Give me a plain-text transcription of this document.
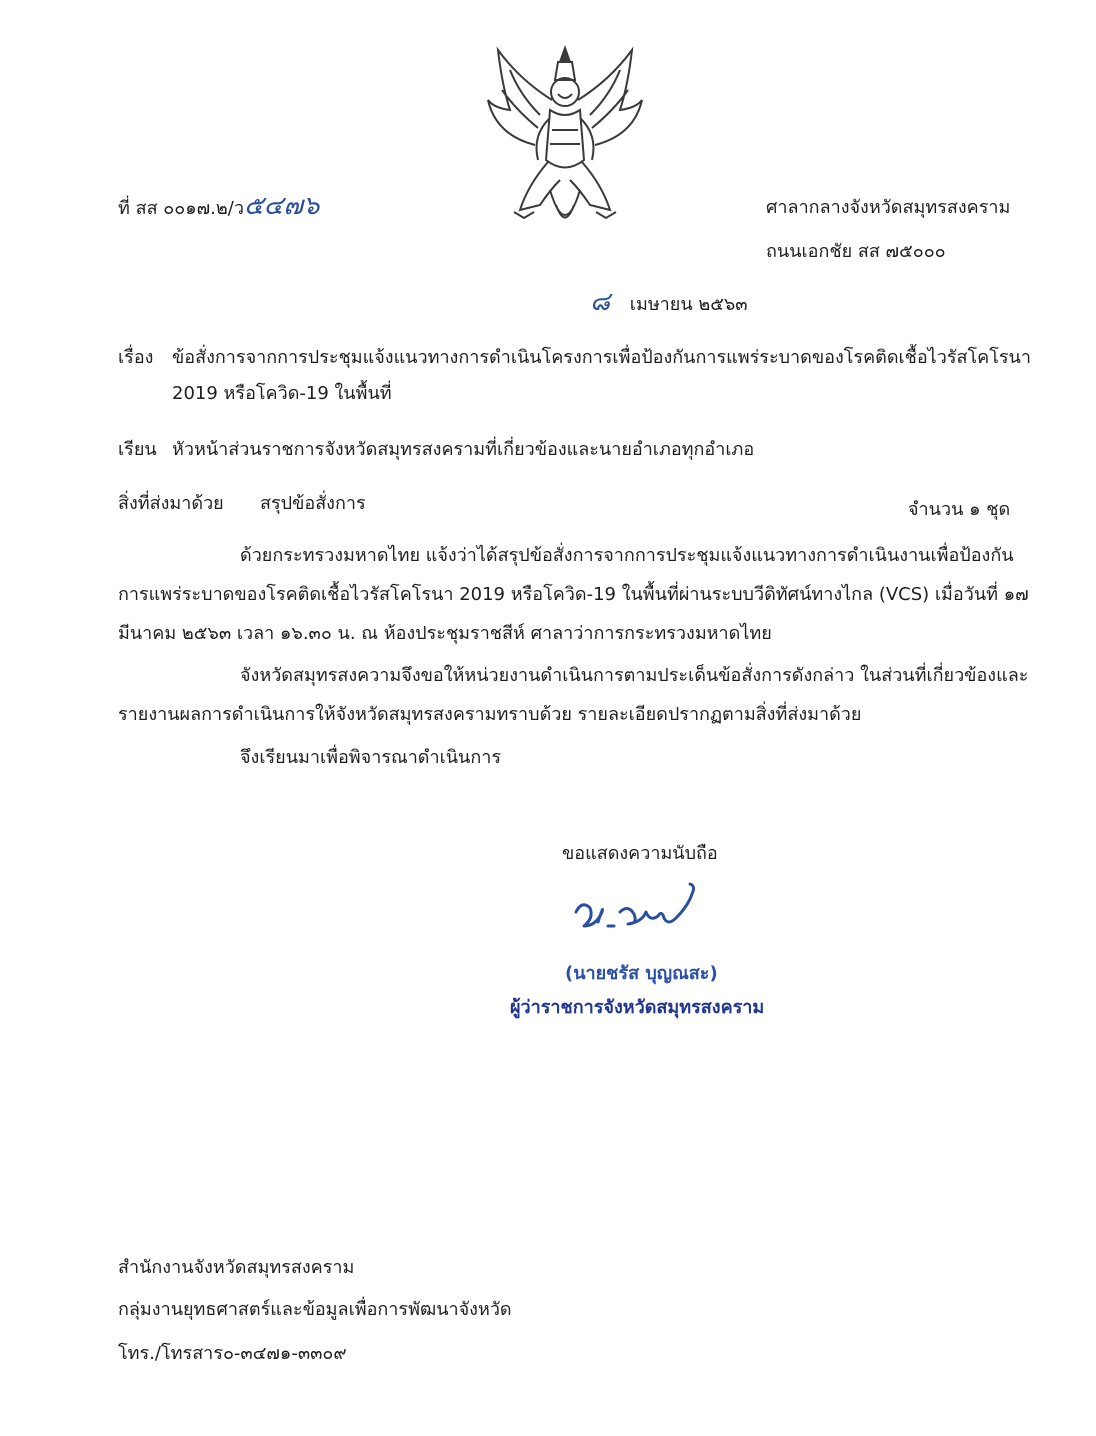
ที่ สส ๐๐๑๗.๒/ว๕๔๗๖	ศาลากลางจังหวัดสมุทรสงคราม
ถนนเอกชัย สส ๗๕๐๐๐
๘ เมษายน ๒๕๖๓
เรื่อง ข้อสั่งการจากการประชุมแจ้งแนวทางการดำเนินโครงการเพื่อป้องกันการแพร่ระบาดของโรคติดเชื้อไวรัสโคโรนา 2019 หรือโควิด-19 ในพื้นที่
เรียน หัวหน้าส่วนราชการจังหวัดสมุทรสงครามที่เกี่ยวข้องและนายอำเภอทุกอำเภอ
สิ่งที่ส่งมาด้วย สรุปข้อสั่งการ	จำนวน ๑ ชุด
ด้วยกระทรวงมหาดไทย แจ้งว่าได้สรุปข้อสั่งการจากการประชุมแจ้งแนวทางการดำเนินงานเพื่อป้องกันการแพร่ระบาดของโรคติดเชื้อไวรัสโคโรนา 2019 หรือโควิด-19 ในพื้นที่ผ่านระบบวีดิทัศน์ทางไกล (VCS) เมื่อวันที่ ๑๗ มีนาคม ๒๕๖๓ เวลา ๑๖.๓๐ น. ณ ห้องประชุมราชสีห์ ศาลาว่าการกระทรวงมหาดไทย
จังหวัดสมุทรสงความจึงขอให้หน่วยงานดำเนินการตามประเด็นข้อสั่งการดังกล่าว ในส่วนที่เกี่ยวข้องและรายงานผลการดำเนินการให้จังหวัดสมุทรสงครามทราบด้วย รายละเอียดปรากฏตามสิ่งที่ส่งมาด้วย
จึงเรียนมาเพื่อพิจารณาดำเนินการ
ขอแสดงความนับถือ
(นายชรัส บุญณสะ)
ผู้ว่าราชการจังหวัดสมุทรสงคราม
สำนักงานจังหวัดสมุทรสงคราม
กลุ่มงานยุทธศาสตร์และข้อมูลเพื่อการพัฒนาจังหวัด
โทร./โทรสาร๐-๓๔๗๑-๓๓๐๙
